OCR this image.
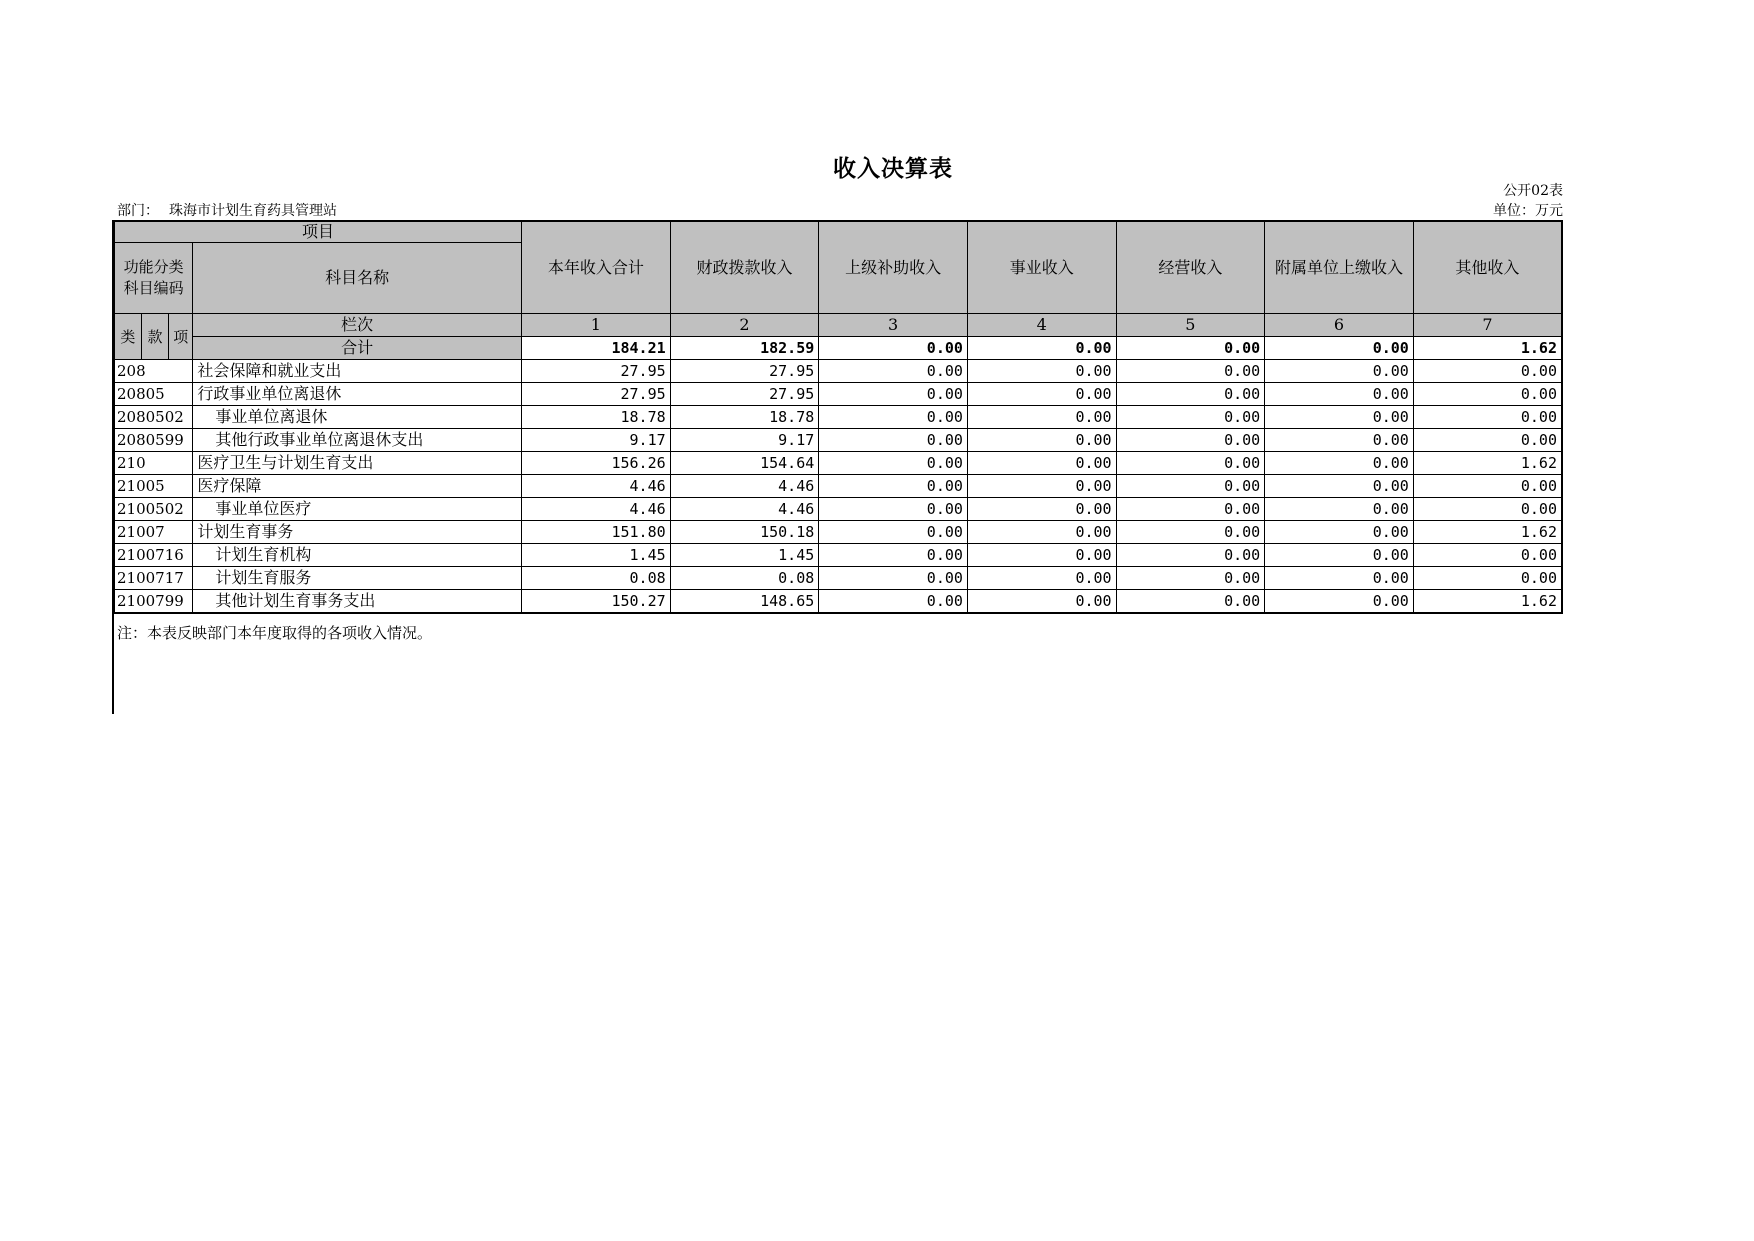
收入决算表
公开02表
部门： 珠海市计划生育药具管理站	单位：万元
项目				本年收入合计	财政拨款收入	上级补助收入	事业收入	经营收入	附属单位上缴收入	其他收入
功能分类科目编码			科目名称							
类	款	项	栏次	1	2	3	4	5	6	7
			合计	184.21	182.59	0.00	0.00	0.00	0.00	1.62
208			社会保障和就业支出	27.95	27.95	0.00	0.00	0.00	0.00	0.00
20805			行政事业单位离退休	27.95	27.95	0.00	0.00	0.00	0.00	0.00
2080502			事业单位离退休	18.78	18.78	0.00	0.00	0.00	0.00	0.00
2080599			其他行政事业单位离退休支出	9.17	9.17	0.00	0.00	0.00	0.00	0.00
210			医疗卫生与计划生育支出	156.26	154.64	0.00	0.00	0.00	0.00	1.62
21005			医疗保障	4.46	4.46	0.00	0.00	0.00	0.00	0.00
2100502			事业单位医疗	4.46	4.46	0.00	0.00	0.00	0.00	0.00
21007			计划生育事务	151.80	150.18	0.00	0.00	0.00	0.00	1.62
2100716			计划生育机构	1.45	1.45	0.00	0.00	0.00	0.00	0.00
2100717			计划生育服务	0.08	0.08	0.00	0.00	0.00	0.00	0.00
2100799			其他计划生育事务支出	150.27	148.65	0.00	0.00	0.00	0.00	1.62
注：本表反映部门本年度取得的各项收入情况。
